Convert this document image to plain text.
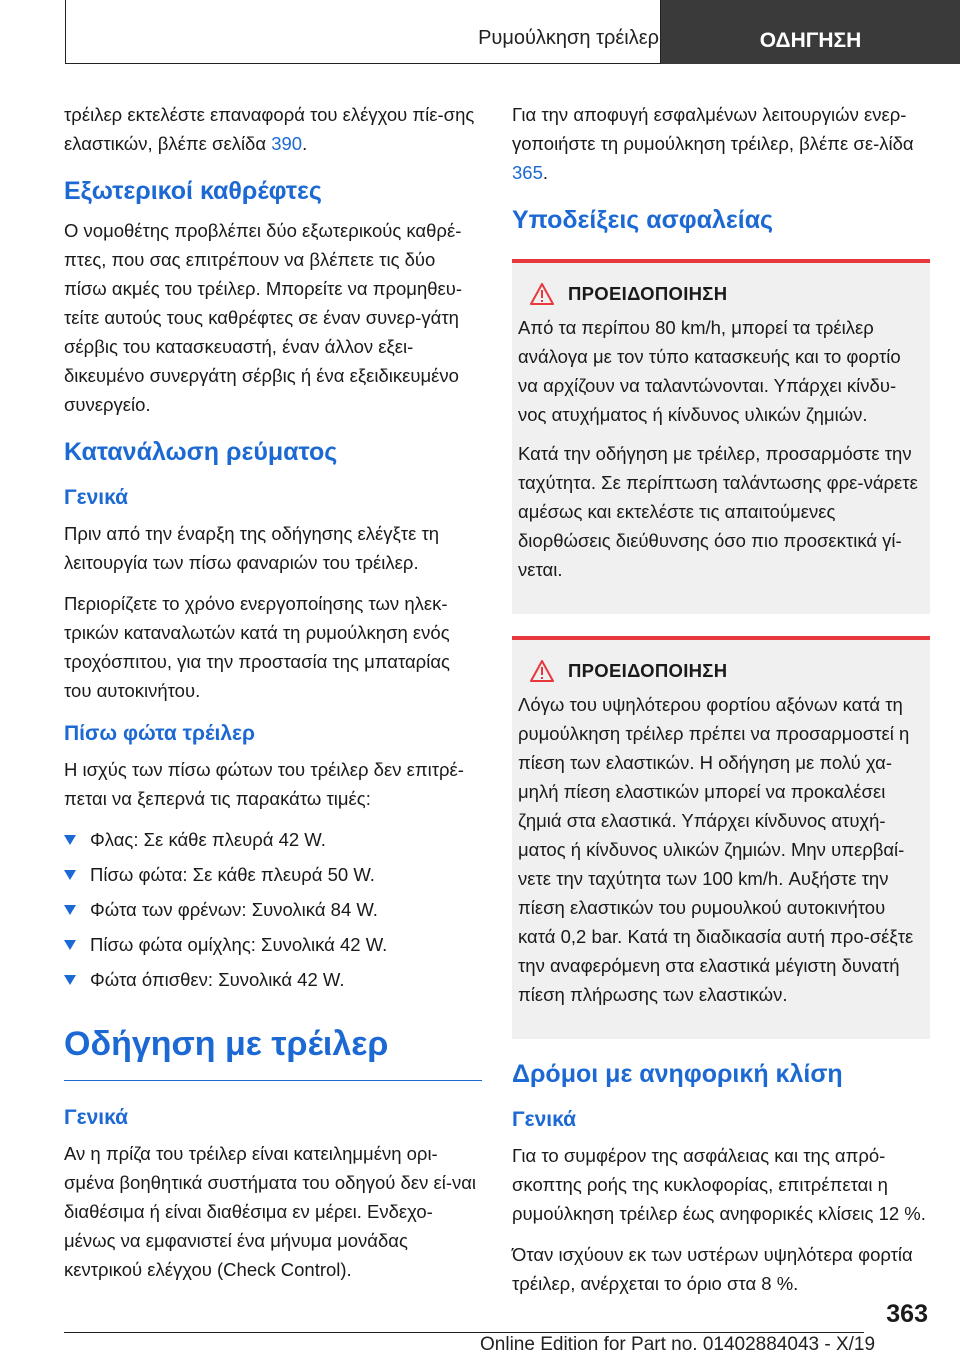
Ρυμούλκηση τρέιλερ	ΟΔΗΓΗΣΗ

τρέιλερ εκτελέστε επαναφορά του ελέγχου πίε-σης ελαστικών, βλέπε σελίδα 390.

Εξωτερικοί καθρέφτες

Ο νομοθέτης προβλέπει δύο εξωτερικούς καθρέ-πτες, που σας επιτρέπουν να βλέπετε τις δύο πίσω ακμές του τρέιλερ. Μπορείτε να προμηθευ-τείτε αυτούς τους καθρέφτες σε έναν συνερ-γάτη σέρβις του κατασκευαστή, έναν άλλον εξει-δικευμένο συνεργάτη σέρβις ή ένα εξειδικευμένο συνεργείο.

Κατανάλωση ρεύματος
Γενικά

Πριν από την έναρξη της οδήγησης ελέγξτε τη λειτουργία των πίσω φαναριών του τρέιλερ.

Περιορίζετε το χρόνο ενεργοποίησης των ηλεκ-τρικών καταναλωτών κατά τη ρυμούλκηση ενός τροχόσπιτου, για την προστασία της μπαταρίας του αυτοκινήτου.

Πίσω φώτα τρέιλερ

Η ισχύς των πίσω φώτων του τρέιλερ δεν επιτρέ-πεται να ξεπερνά τις παρακάτω τιμές:

Φλας: Σε κάθε πλευρά 42 W.
Πίσω φώτα: Σε κάθε πλευρά 50 W.
Φώτα των φρένων: Συνολικά 84 W.
Πίσω φώτα ομίχλης: Συνολικά 42 W.
Φώτα όπισθεν: Συνολικά 42 W.
Οδήγηση με τρέιλερ
Γενικά

Αν η πρίζα του τρέιλερ είναι κατειλημμένη ορι-σμένα βοηθητικά συστήματα του οδηγού δεν εί-ναι διαθέσιμα ή είναι διαθέσιμα εν μέρει. Ενδεχο-μένως να εμφανιστεί ένα μήνυμα μονάδας κεντρικού ελέγχου (Check Control).

Για την αποφυγή εσφαλμένων λειτουργιών ενερ-γοποιήστε τη ρυμούλκηση τρέιλερ, βλέπε σε-λίδα 365.

Υποδείξεις ασφαλείας
ΠΡΟΕΙΔΟΠΟΙΗΣΗ

Από τα περίπου 80 km/h, μπορεί τα τρέιλερ ανάλογα με τον τύπο κατασκευής και το φορτίο να αρχίζουν να ταλαντώνονται. Υπάρχει κίνδυ-νος ατυχήματος ή κίνδυνος υλικών ζημιών.

Κατά την οδήγηση με τρέιλερ, προσαρμόστε την ταχύτητα. Σε περίπτωση ταλάντωσης φρε-νάρετε αμέσως και εκτελέστε τις απαιτούμενες διορθώσεις διεύθυνσης όσο πιο προσεκτικά γί-νεται.

ΠΡΟΕΙΔΟΠΟΙΗΣΗ

Λόγω του υψηλότερου φορτίου αξόνων κατά τη ρυμούλκηση τρέιλερ πρέπει να προσαρμοστεί η πίεση των ελαστικών. Η οδήγηση με πολύ χα-μηλή πίεση ελαστικών μπορεί να προκαλέσει ζημιά στα ελαστικά. Υπάρχει κίνδυνος ατυχή-ματος ή κίνδυνος υλικών ζημιών. Μην υπερβαί-νετε την ταχύτητα των 100 km/h. Αυξήστε την πίεση ελαστικών του ρυμουλκού αυτοκινήτου κατά 0,2 bar. Κατά τη διαδικασία αυτή προ-σέξτε την αναφερόμενη στα ελαστικά μέγιστη δυνατή πίεση πλήρωσης των ελαστικών.

Δρόμοι με ανηφορική κλίση
Γενικά

Για το συμφέρον της ασφάλειας και της απρό-σκοπτης ροής της κυκλοφορίας, επιτρέπεται η ρυμούλκηση τρέιλερ έως ανηφορικές κλίσεις 12 %.

Όταν ισχύουν εκ των υστέρων υψηλότερα φορτία τρέιλερ, ανέρχεται το όριο στα 8 %.

363
Online Edition for Part no. 01402884043 - X/19
